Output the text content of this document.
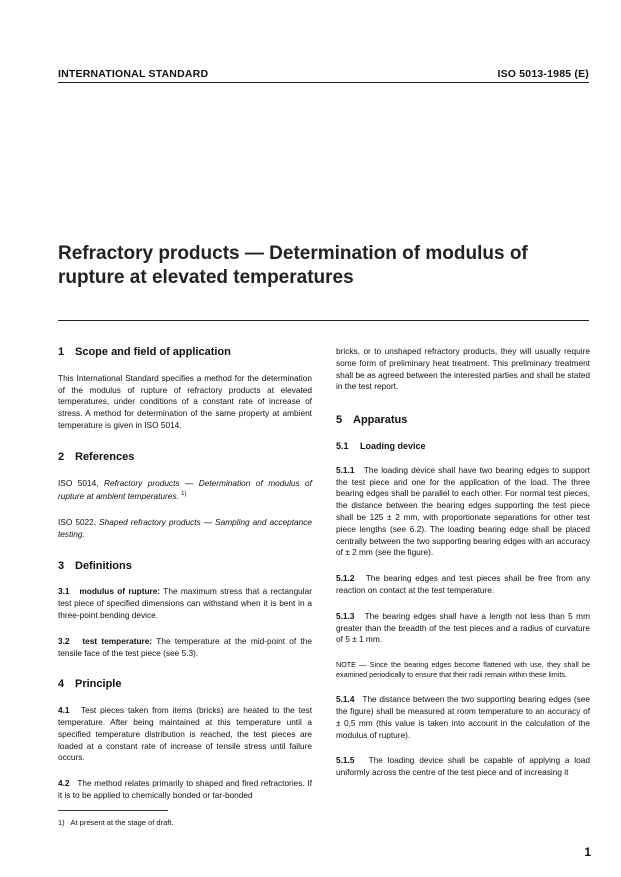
INTERNATIONAL STANDARD	ISO 5013-1985 (E)
Refractory products — Determination of modulus of
rupture at elevated temperatures
1 Scope and field of application

This International Standard specifies a method for the determination of the modulus of rupture of refractory products at elevated temperatures, under conditions of a constant rate of increase of stress. A method for determination of the same property at ambient temperature is given in ISO 5014.

2 References

ISO 5014, Refractory products — Determination of modulus of rupture at ambient temperatures. $^{1)}$

ISO 5022, Shaped refractory products — Sampling and acceptance testing.

3 Definitions

3.1 modulus of rupture: The maximum stress that a rectangular test piece of specified dimensions can withstand when it is bent in a three-point bending device.

3.2 test temperature: The temperature at the mid-point of the tensile face of the test piece (see 5.3).

4 Principle

4.1 Test pieces taken from items (bricks) are heated to the test temperature. After being maintained at this temperature until a specified temperature distribution is reached, the test pieces are loaded at a constant rate of increase of tensile stress until failure occurs.

4.2 The method relates primarily to shaped and fired refractories. If it is to be applied to chemically bonded or tar-bonded

bricks, or to unshaped refractory products, they will usually require some form of preliminary heat treatment. This preliminary treatment shall be as agreed between the interested parties and shall be stated in the test report.

5 Apparatus
5.1 Loading device

5.1.1 The loading device shall have two bearing edges to support the test piece and one for the application of the load. The three bearing edges shall be parallel to each other. For normal test pieces, the distance between the bearing edges supporting the test piece shall be 125 ± 2 mm, with proportionate separations for other test piece lengths (see 6.2). The loading bearing edge shall be placed centrally between the two supporting bearing edges with an accuracy of ± 2 mm (see the figure).

5.1.2 The bearing edges and test pieces shall be free from any reaction on contact at the test temperature.

5.1.3 The bearing edges shall have a length not less than 5 mm greater than the breadth of the test pieces and a radius of curvature of 5 ± 1 mm.

NOTE — Since the bearing edges become flattened with use, they shall be examined periodically to ensure that their radii remain within these limits.

5.1.4 The distance between the two supporting bearing edges (see the figure) shall be measured at room temperature to an accuracy of ± 0,5 mm (this value is taken into account in the calculation of the modulus of rupture).

5.1.5 The loading device shall be capable of applying a load uniformly across the centre of the test piece and of increasing it

1) At present at the stage of draft.
1
